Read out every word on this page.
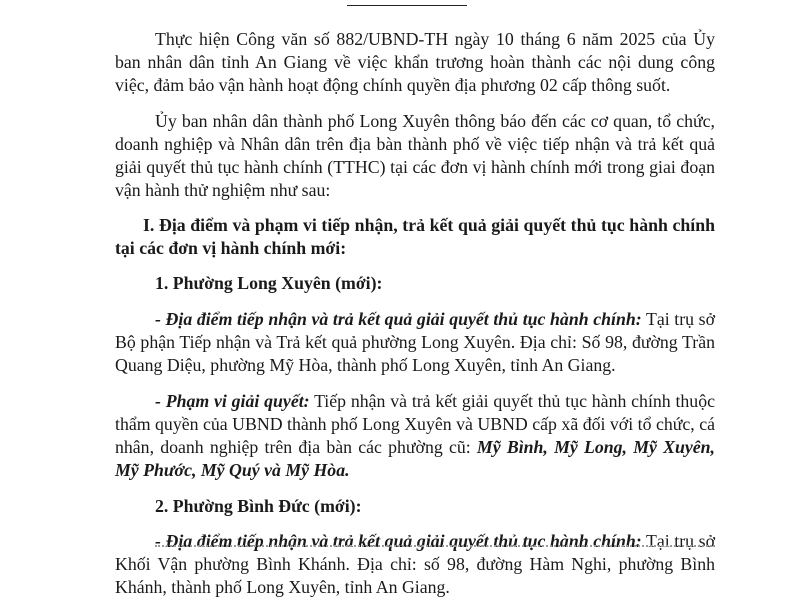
Thực hiện Công văn số 882/UBND-TH ngày 10 tháng 6 năm 2025 của Ủy ban nhân dân tỉnh An Giang về việc khẩn trương hoàn thành các nội dung công việc, đảm bảo vận hành hoạt động chính quyền địa phương 02 cấp thông suốt.

Ủy ban nhân dân thành phố Long Xuyên thông báo đến các cơ quan, tổ chức, doanh nghiệp và Nhân dân trên địa bàn thành phố về việc tiếp nhận và trả kết quả giải quyết thủ tục hành chính (TTHC) tại các đơn vị hành chính mới trong giai đoạn vận hành thử nghiệm như sau:

I. Địa điểm và phạm vi tiếp nhận, trả kết quả giải quyết thủ tục hành chính tại các đơn vị hành chính mới:

1. Phường Long Xuyên (mới):

- Địa điểm tiếp nhận và trả kết quả giải quyết thủ tục hành chính: Tại trụ sở Bộ phận Tiếp nhận và Trả kết quả phường Long Xuyên. Địa chỉ: Số 98, đường Trần Quang Diệu, phường Mỹ Hòa, thành phố Long Xuyên, tỉnh An Giang.

- Phạm vi giải quyết: Tiếp nhận và trả kết giải quyết thủ tục hành chính thuộc thẩm quyền của UBND thành phố Long Xuyên và UBND cấp xã đối với tổ chức, cá nhân, doanh nghiệp trên địa bàn các phường cũ: Mỹ Bình, Mỹ Long, Mỹ Xuyên, Mỹ Phước, Mỹ Quý và Mỹ Hòa.

2. Phường Bình Đức (mới):

- Địa điểm tiếp nhận và trả kết quả giải quyết thủ tục hành chính: Tại trụ sở Khối Vận phường Bình Khánh. Địa chỉ: số 98, đường Hàm Nghi, phường Bình Khánh, thành phố Long Xuyên, tỉnh An Giang.
